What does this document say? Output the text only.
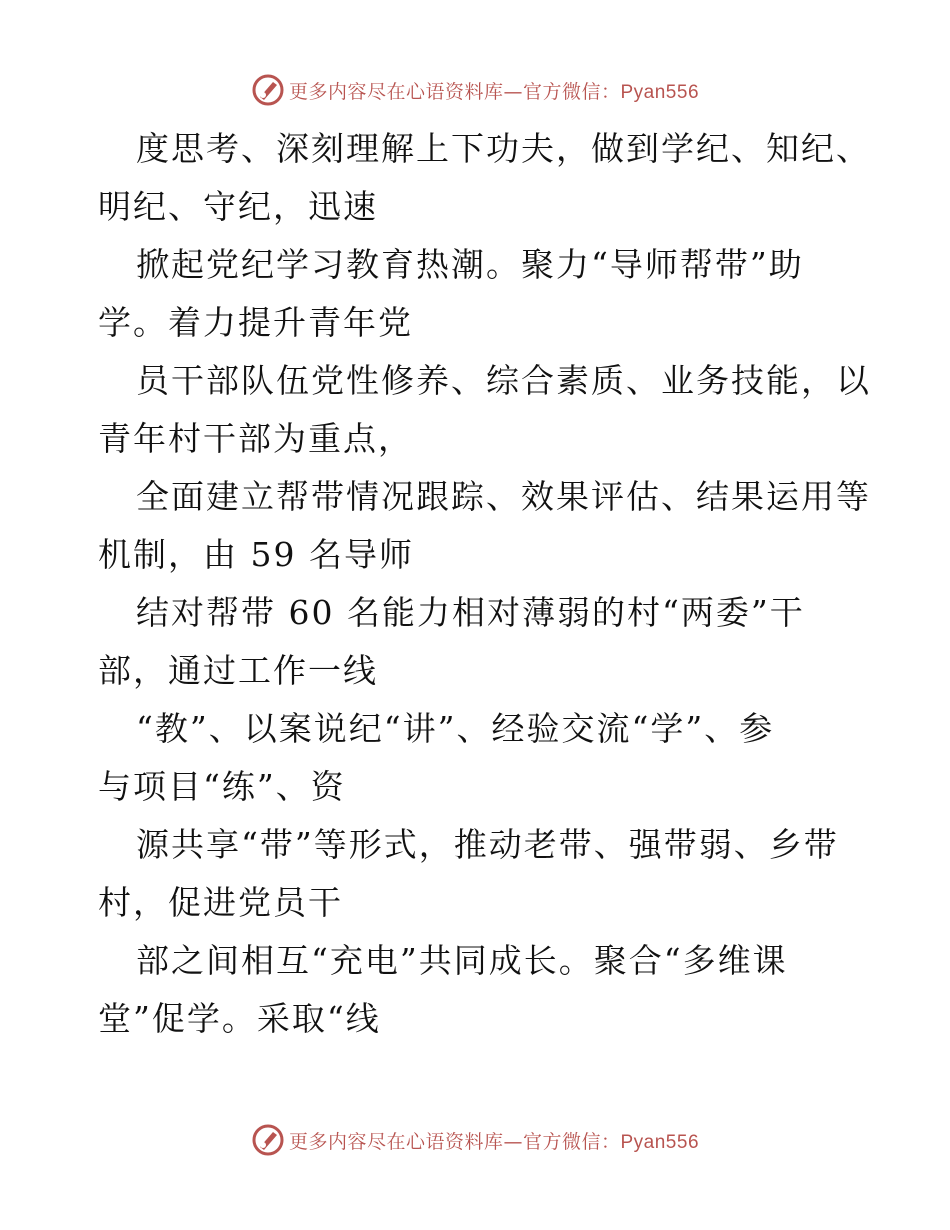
更多内容尽在心语资料库—官方微信：Pyan556
度思考、深刻理解上下功夫，做到学纪、知纪、
明纪、守纪，迅速
掀起党纪学习教育热潮。聚力“导师帮带”助
学。着力提升青年党
员干部队伍党性修养、综合素质、业务技能，以
青年村干部为重点，
全面建立帮带情况跟踪、效果评估、结果运用等
机制，由 59 名导师
结对帮带 60 名能力相对薄弱的村“两委”干
部，通过工作一线
“教”、以案说纪“讲”、经验交流“学”、参
与项目“练”、资
源共享“带”等形式，推动老带、强带弱、乡带
村，促进党员干
部之间相互“充电”共同成长。聚合“多维课
堂”促学。采取“线
更多内容尽在心语资料库—官方微信：Pyan556
